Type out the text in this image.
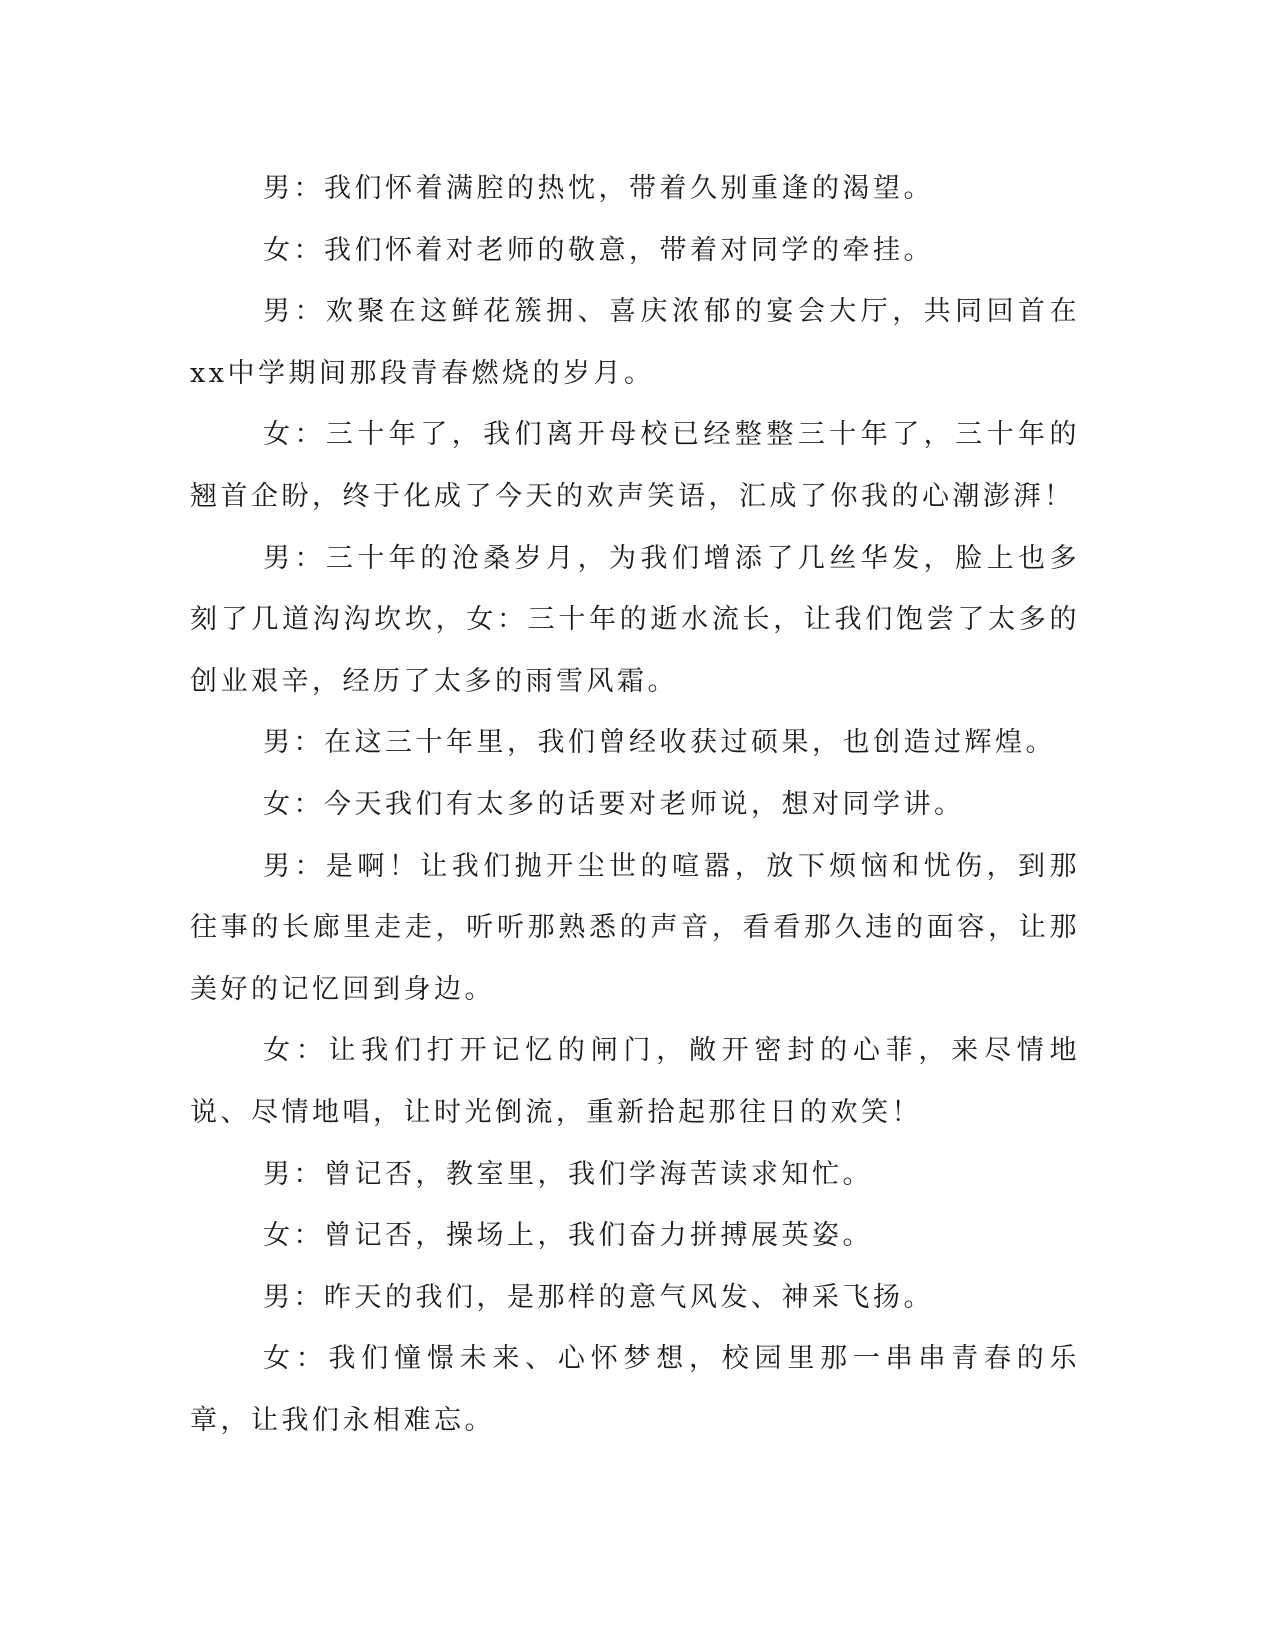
男：我们怀着满腔的热忱，带着久别重逢的渴望。

女：我们怀着对老师的敬意，带着对同学的牵挂。

男：欢聚在这鲜花簇拥、喜庆浓郁的宴会大厅，共同回首在xx中学期间那段青春燃烧的岁月。

女：三十年了，我们离开母校已经整整三十年了，三十年的翘首企盼，终于化成了今天的欢声笑语，汇成了你我的心潮澎湃！

男：三十年的沧桑岁月，为我们增添了几丝华发，脸上也多刻了几道沟沟坎坎，女：三十年的逝水流长，让我们饱尝了太多的创业艰辛，经历了太多的雨雪风霜。

男：在这三十年里，我们曾经收获过硕果，也创造过辉煌。

女：今天我们有太多的话要对老师说，想对同学讲。

男：是啊！让我们抛开尘世的喧嚣，放下烦恼和忧伤，到那往事的长廊里走走，听听那熟悉的声音，看看那久违的面容，让那美好的记忆回到身边。

女：让我们打开记忆的闸门，敞开密封的心菲，来尽情地说、尽情地唱，让时光倒流，重新拾起那往日的欢笑！

男：曾记否，教室里，我们学海苦读求知忙。

女：曾记否，操场上，我们奋力拼搏展英姿。

男：昨天的我们，是那样的意气风发、神采飞扬。

女：我们憧憬未来、心怀梦想，校园里那一串串青春的乐章，让我们永相难忘。
